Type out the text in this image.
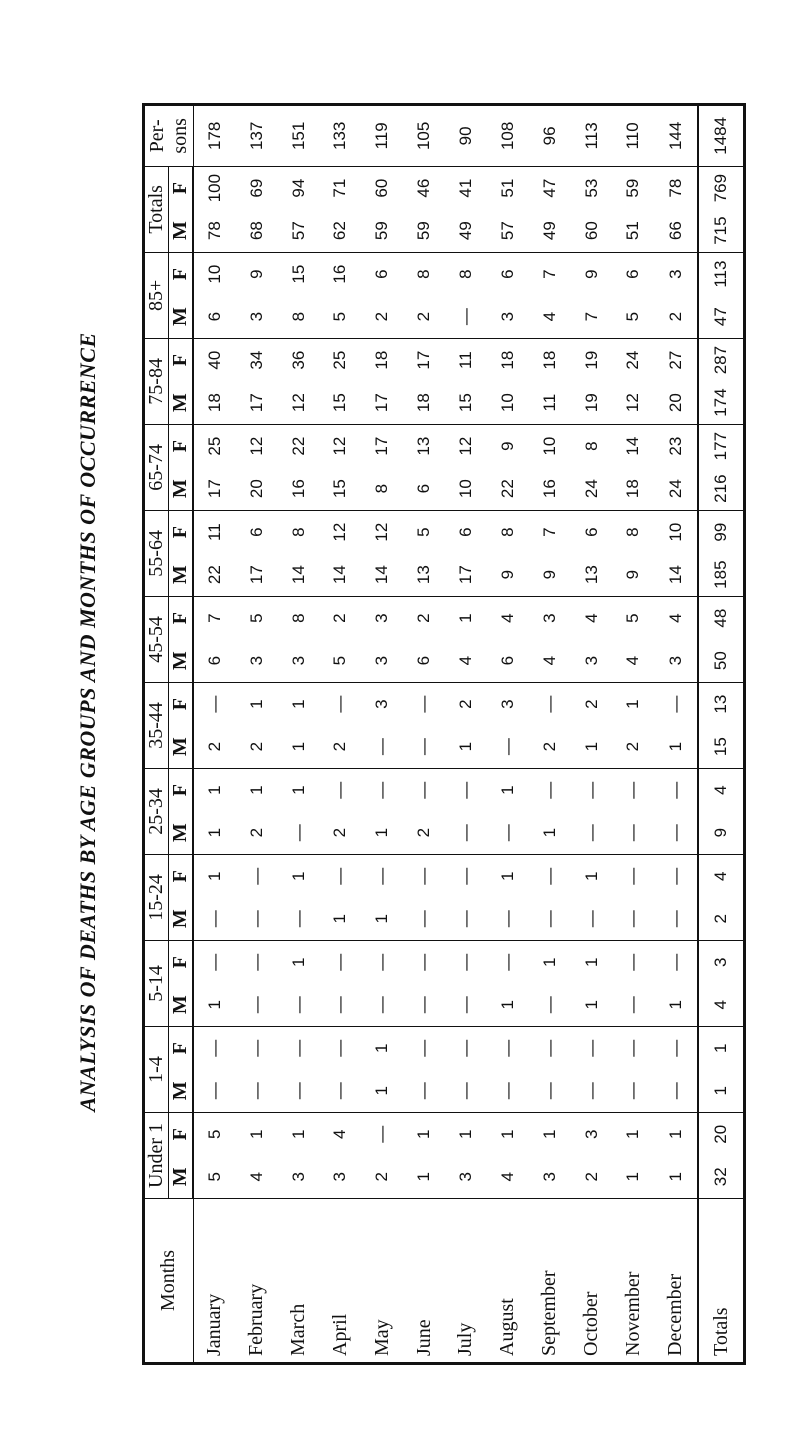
ANALYSIS OF DEATHS BY AGE GROUPS AND MONTHS OF OCCURRENCE
Months	Under 1		1-4		5-14		15-24		25-34		35-44		45-54		55-64		65-74		75-84		85+		Totals		Per- sons

	M	F	M	F	M	F	M	F	M	F	M	F	M	F	M	F	M	F	M	F	M	F	M	F	
January	5	5	—	—	1	—	—	1	1	1	2	—	6	7	22	11	17	25	18	40	6	10	78	100	178
February	4	1	—	—	—	—	—	—	2	1	2	1	3	5	17	6	20	12	17	34	3	9	68	69	137
March	3	1	—	—	—	1	—	1	—	1	1	1	3	8	14	8	16	22	12	36	8	15	57	94	151
April	3	4	—	—	—	—	1	—	2	—	2	—	5	2	14	12	15	12	15	25	5	16	62	71	133
May	2	—	1	1	—	—	1	—	1	—	—	3	3	3	14	12	8	17	17	18	2	6	59	60	119
June	1	1	—	—	—	—	—	—	2	—	—	—	6	2	13	5	6	13	18	17	2	8	59	46	105
July	3	1	—	—	—	—	—	—	—	—	1	2	4	1	17	6	10	12	15	11	—	8	49	41	90
August	4	1	—	—	1	—	—	1	—	1	—	3	6	4	9	8	22	9	10	18	3	6	57	51	108
September	3	1	—	—	—	1	—	—	1	—	2	—	4	3	9	7	16	10	11	18	4	7	49	47	96
October	2	3	—	—	1	1	—	1	—	—	1	2	3	4	13	6	24	8	19	19	7	9	60	53	113
November	1	1	—	—	—	—	—	—	—	—	2	1	4	5	9	8	18	14	12	24	5	6	51	59	110
December	1	1	—	—	1	—	—	—	—	—	1	—	3	4	14	10	24	23	20	27	2	3	66	78	144
Totals	32	20	1	1	4	3	2	4	9	4	15	13	50	48	185	99	216	177	174	287	47	113	715	769	1484
